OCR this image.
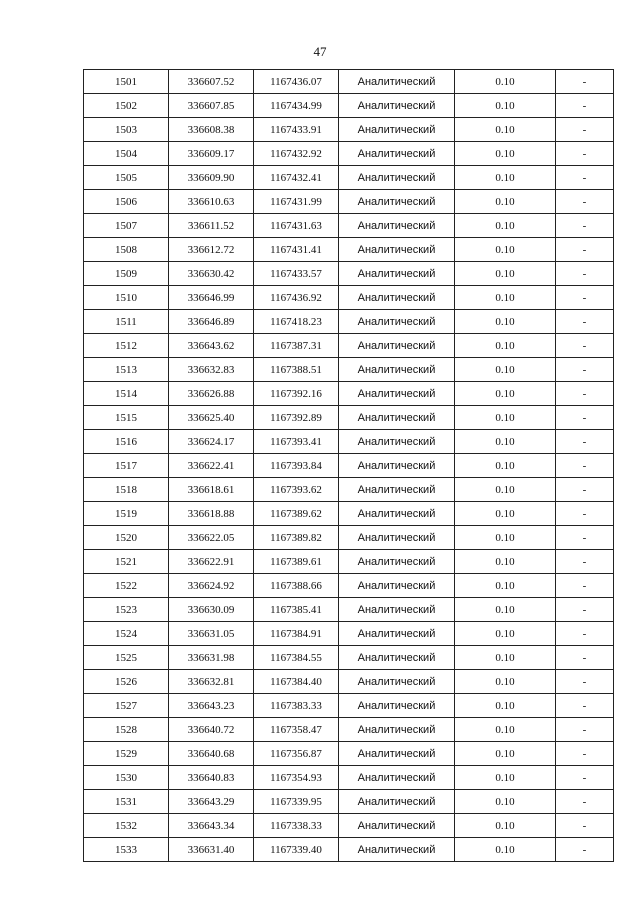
47
1501	336607.52	1167436.07	Аналитический	0.10	-
1502	336607.85	1167434.99	Аналитический	0.10	-
1503	336608.38	1167433.91	Аналитический	0.10	-
1504	336609.17	1167432.92	Аналитический	0.10	-
1505	336609.90	1167432.41	Аналитический	0.10	-
1506	336610.63	1167431.99	Аналитический	0.10	-
1507	336611.52	1167431.63	Аналитический	0.10	-
1508	336612.72	1167431.41	Аналитический	0.10	-
1509	336630.42	1167433.57	Аналитический	0.10	-
1510	336646.99	1167436.92	Аналитический	0.10	-
1511	336646.89	1167418.23	Аналитический	0.10	-
1512	336643.62	1167387.31	Аналитический	0.10	-
1513	336632.83	1167388.51	Аналитический	0.10	-
1514	336626.88	1167392.16	Аналитический	0.10	-
1515	336625.40	1167392.89	Аналитический	0.10	-
1516	336624.17	1167393.41	Аналитический	0.10	-
1517	336622.41	1167393.84	Аналитический	0.10	-
1518	336618.61	1167393.62	Аналитический	0.10	-
1519	336618.88	1167389.62	Аналитический	0.10	-
1520	336622.05	1167389.82	Аналитический	0.10	-
1521	336622.91	1167389.61	Аналитический	0.10	-
1522	336624.92	1167388.66	Аналитический	0.10	-
1523	336630.09	1167385.41	Аналитический	0.10	-
1524	336631.05	1167384.91	Аналитический	0.10	-
1525	336631.98	1167384.55	Аналитический	0.10	-
1526	336632.81	1167384.40	Аналитический	0.10	-
1527	336643.23	1167383.33	Аналитический	0.10	-
1528	336640.72	1167358.47	Аналитический	0.10	-
1529	336640.68	1167356.87	Аналитический	0.10	-
1530	336640.83	1167354.93	Аналитический	0.10	-
1531	336643.29	1167339.95	Аналитический	0.10	-
1532	336643.34	1167338.33	Аналитический	0.10	-
1533	336631.40	1167339.40	Аналитический	0.10	-
